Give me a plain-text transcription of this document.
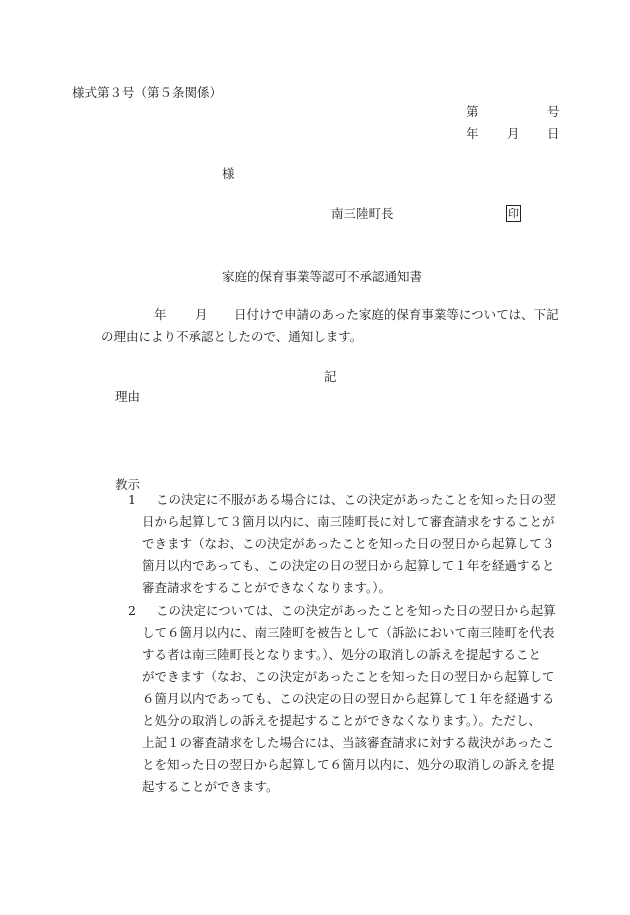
様式第３号（第５条関係）
第	号
年 月 日
様
南三陸町長	印
家庭的保育事業等認可不承認通知書
年 月 日付けで申請のあった家庭的保育事業等については、下記
の理由により不承認としたので、通知します。
記
理由
教示
1 この決定に不服がある場合には、この決定があったことを知った日の翌
日から起算して３箇月以内に、南三陸町長に対して審査請求をすることが
できます（なお、この決定があったことを知った日の翌日から起算して３
箇月以内であっても、この決定の日の翌日から起算して１年を経過すると
審査請求をすることができなくなります。）。
2 この決定については、この決定があったことを知った日の翌日から起算
して６箇月以内に、南三陸町を被告として（訴訟において南三陸町を代表
する者は南三陸町長となります。）、処分の取消しの訴えを提起すること
ができます（なお、この決定があったことを知った日の翌日から起算して
６箇月以内であっても、この決定の日の翌日から起算して１年を経過する
と処分の取消しの訴えを提起することができなくなります。）。ただし、
上記１の審査請求をした場合には、当該審査請求に対する裁決があったこ
とを知った日の翌日から起算して６箇月以内に、処分の取消しの訴えを提
起することができます。
